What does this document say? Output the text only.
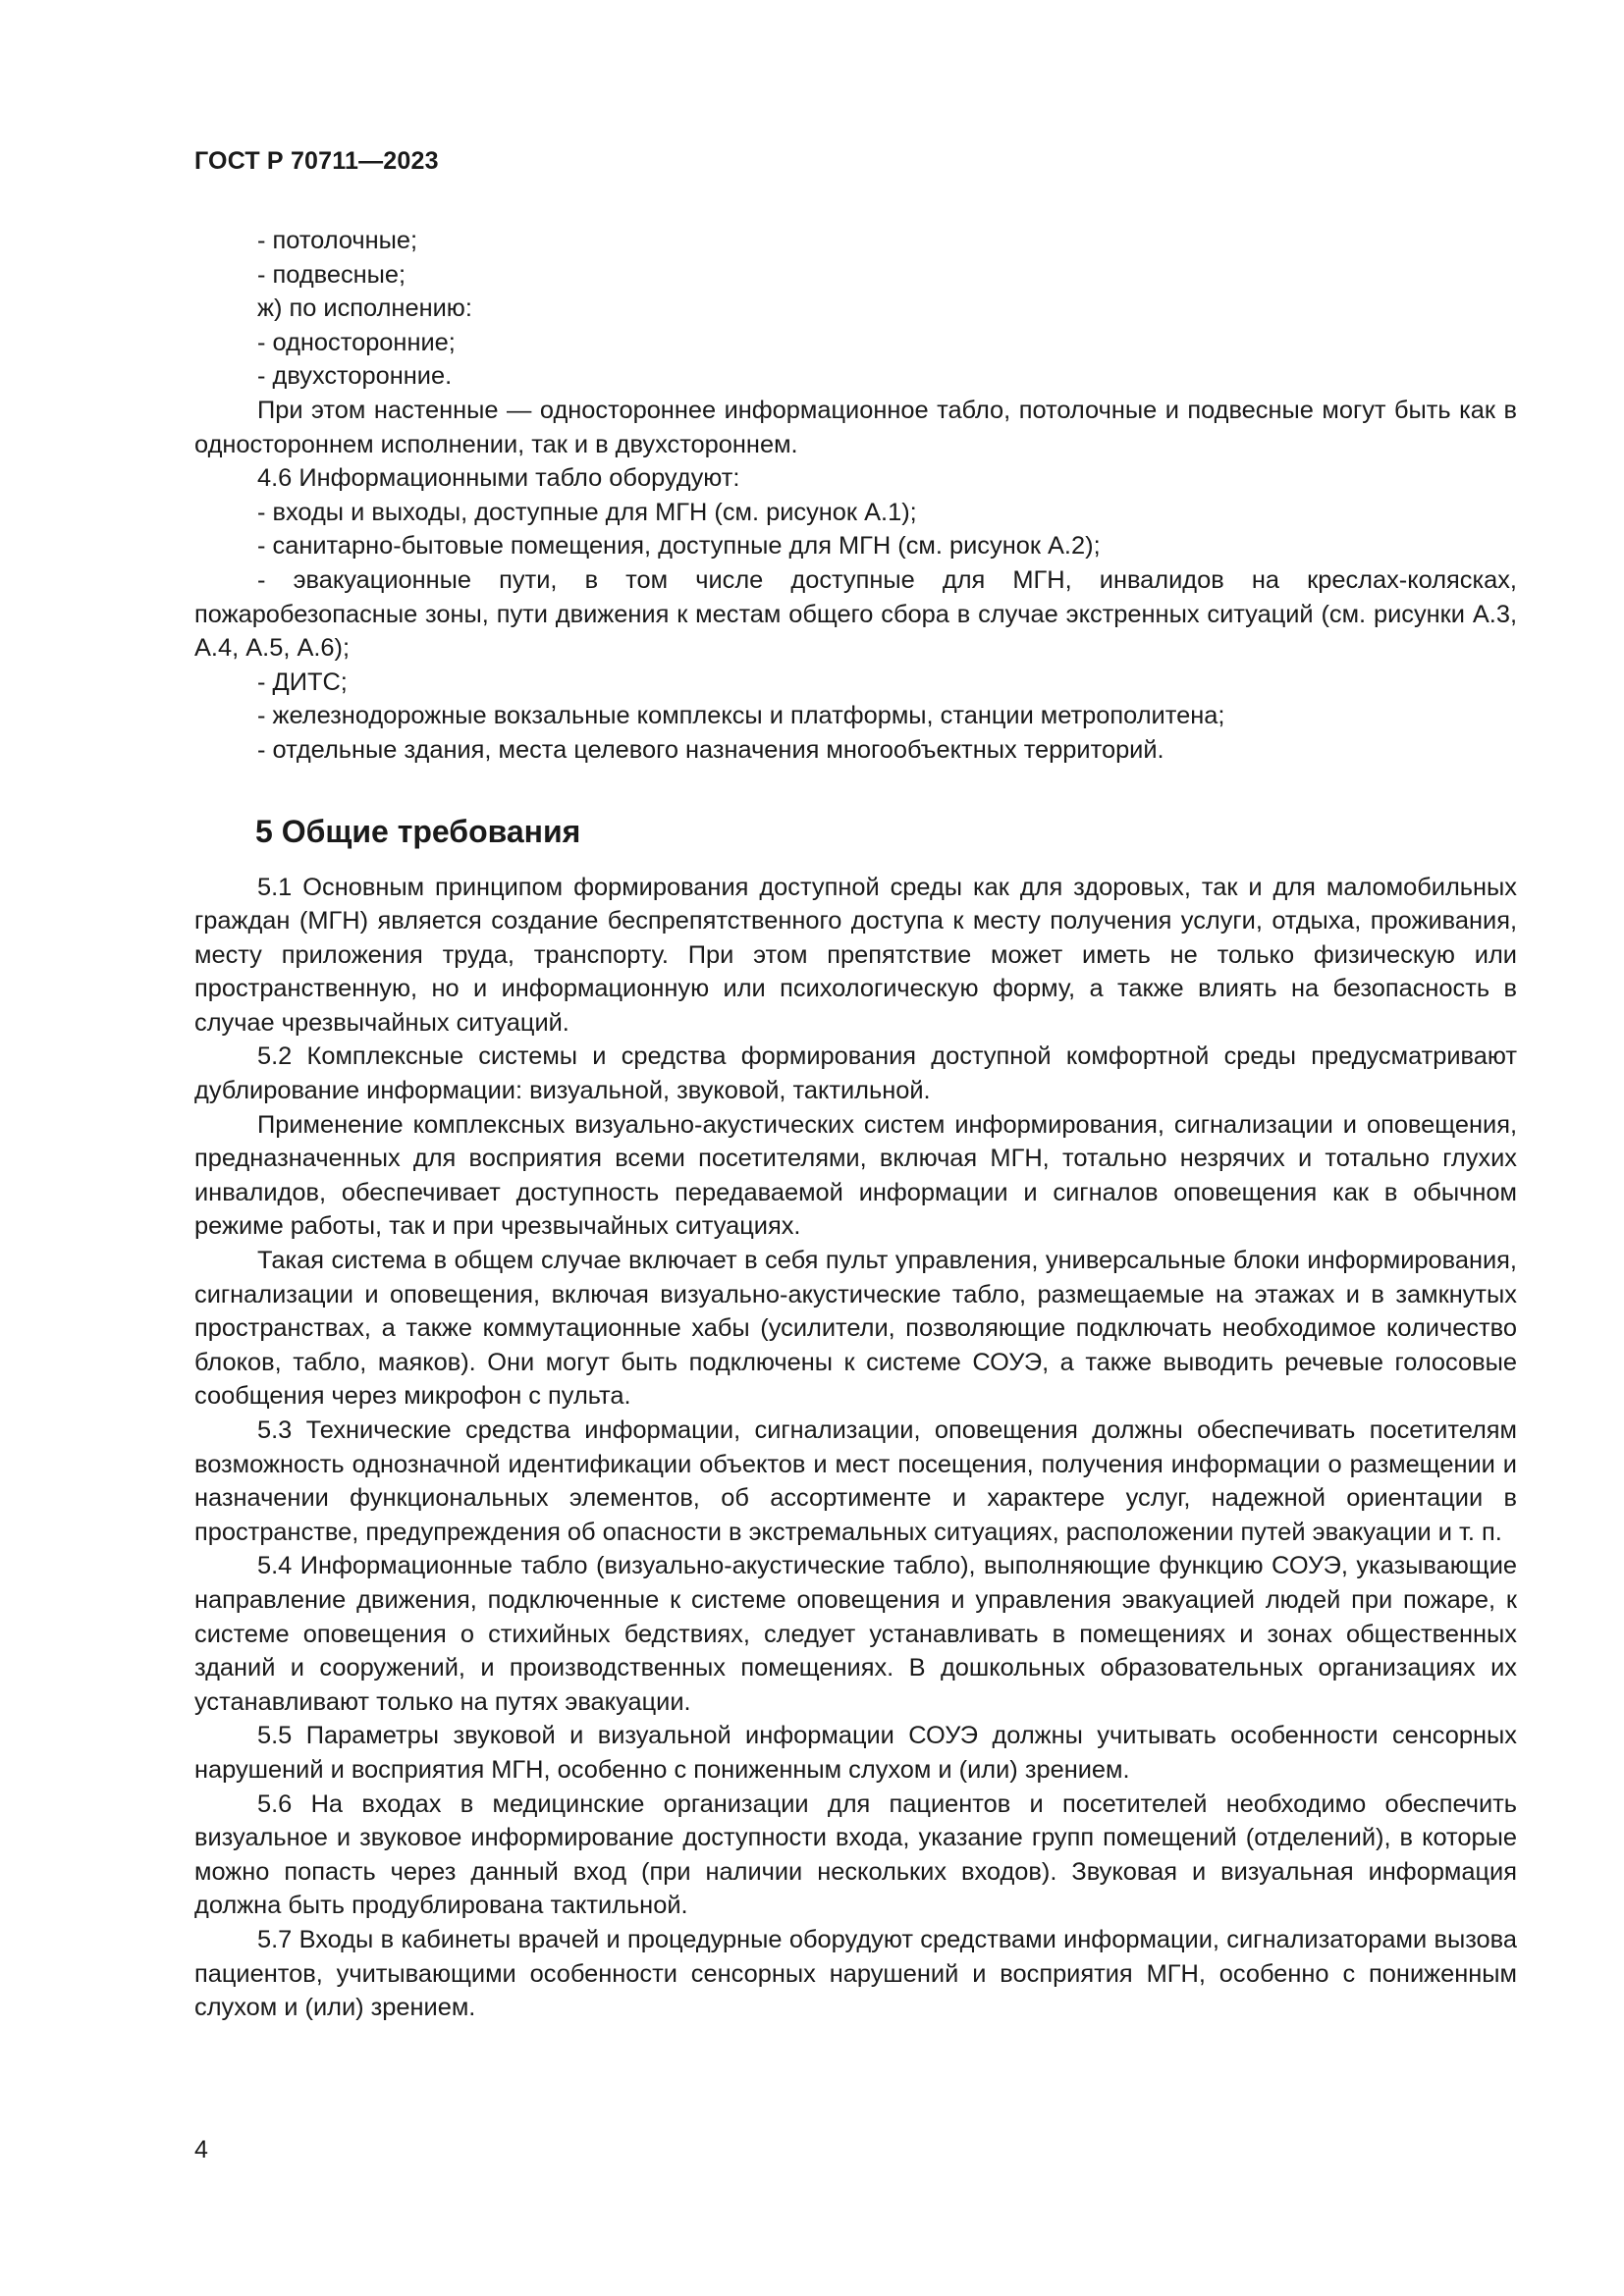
ГОСТ Р 70711—2023

- потолочные;

- подвесные;

ж) по исполнению:

- односторонние;

- двухсторонние.

При этом настенные — одностороннее информационное табло, потолочные и подвесные могут быть как в одностороннем исполнении, так и в двухстороннем.

4.6 Информационными табло оборудуют:

- входы и выходы, доступные для МГН (см. рисунок А.1);

- санитарно-бытовые помещения, доступные для МГН (см. рисунок А.2);

- эвакуационные пути, в том числе доступные для МГН, инвалидов на креслах-колясках, пожаробезопасные зоны, пути движения к местам общего сбора в случае экстренных ситуаций (см. рисунки А.3, А.4, А.5, А.6);

- ДИТС;

- железнодорожные вокзальные комплексы и платформы, станции метрополитена;

- отдельные здания, места целевого назначения многообъектных территорий.

5 Общие требования

5.1 Основным принципом формирования доступной среды как для здоровых, так и для маломобильных граждан (МГН) является создание беспрепятственного доступа к месту получения услуги, отдыха, проживания, месту приложения труда, транспорту. При этом препятствие может иметь не только физическую или пространственную, но и информационную или психологическую форму, а также влиять на безопасность в случае чрезвычайных ситуаций.

5.2 Комплексные системы и средства формирования доступной комфортной среды предусматривают дублирование информации: визуальной, звуковой, тактильной.

Применение комплексных визуально-акустических систем информирования, сигнализации и оповещения, предназначенных для восприятия всеми посетителями, включая МГН, тотально незрячих и тотально глухих инвалидов, обеспечивает доступность передаваемой информации и сигналов оповещения как в обычном режиме работы, так и при чрезвычайных ситуациях.

Такая система в общем случае включает в себя пульт управления, универсальные блоки информирования, сигнализации и оповещения, включая визуально-акустические табло, размещаемые на этажах и в замкнутых пространствах, а также коммутационные хабы (усилители, позволяющие подключать необходимое количество блоков, табло, маяков). Они могут быть подключены к системе СОУЭ, а также выводить речевые голосовые сообщения через микрофон с пульта.

5.3 Технические средства информации, сигнализации, оповещения должны обеспечивать посетителям возможность однозначной идентификации объектов и мест посещения, получения информации о размещении и назначении функциональных элементов, об ассортименте и характере услуг, надежной ориентации в пространстве, предупреждения об опасности в экстремальных ситуациях, расположении путей эвакуации и т. п.

5.4 Информационные табло (визуально-акустические табло), выполняющие функцию СОУЭ, указывающие направление движения, подключенные к системе оповещения и управления эвакуацией людей при пожаре, к системе оповещения о стихийных бедствиях, следует устанавливать в помещениях и зонах общественных зданий и сооружений, и производственных помещениях. В дошкольных образовательных организациях их устанавливают только на путях эвакуации.

5.5 Параметры звуковой и визуальной информации СОУЭ должны учитывать особенности сенсорных нарушений и восприятия МГН, особенно с пониженным слухом и (или) зрением.

5.6 На входах в медицинские организации для пациентов и посетителей необходимо обеспечить визуальное и звуковое информирование доступности входа, указание групп помещений (отделений), в которые можно попасть через данный вход (при наличии нескольких входов). Звуковая и визуальная информация должна быть продублирована тактильной.

5.7 Входы в кабинеты врачей и процедурные оборудуют средствами информации, сигнализаторами вызова пациентов, учитывающими особенности сенсорных нарушений и восприятия МГН, особенно с пониженным слухом и (или) зрением.

4
